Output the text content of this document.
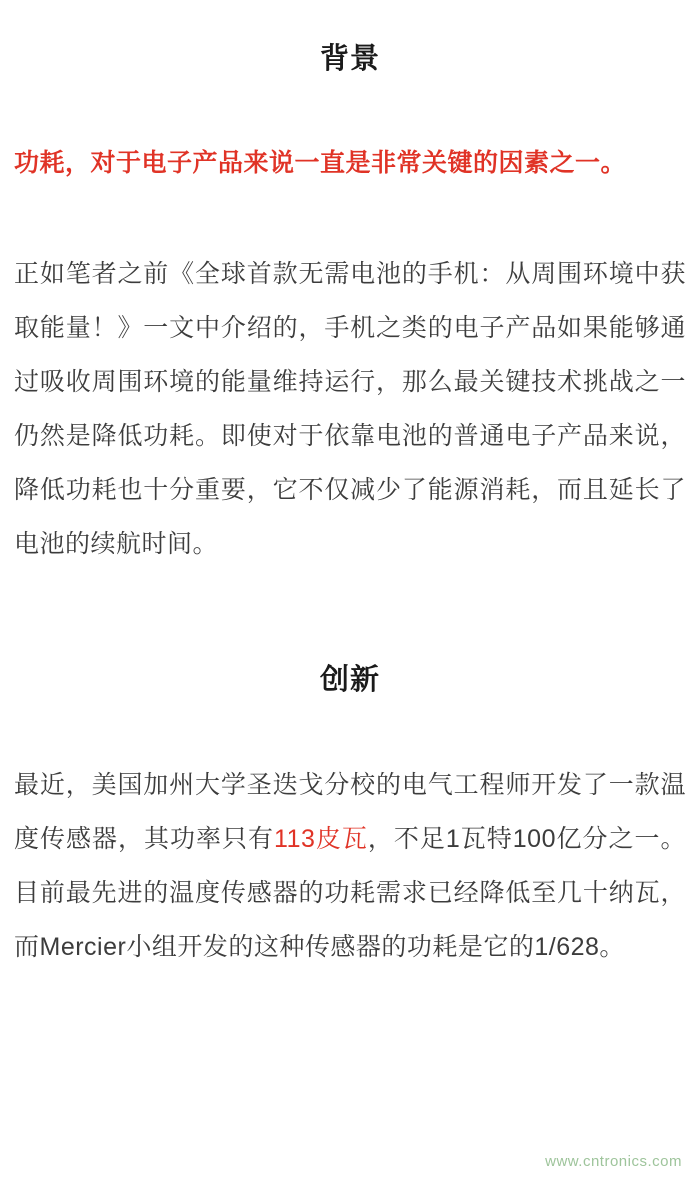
背景

功耗，对于电子产品来说一直是非常关键的因素之一。

正如笔者之前《全球首款无需电池的手机：从周围环境中获取能量！》一文中介绍的，手机之类的电子产品如果能够通过吸收周围环境的能量维持运行，那么最关键技术挑战之一仍然是降低功耗。即使对于依靠电池的普通电子产品来说，降低功耗也十分重要，它不仅减少了能源消耗，而且延长了电池的续航时间。

创新

最近，美国加州大学圣迭戈分校的电气工程师开发了一款温度传感器，其功率只有113皮瓦，不足1瓦特100亿分之一。目前最先进的温度传感器的功耗需求已经降低至几十纳瓦，而Mercier小组开发的这种传感器的功耗是它的1/628。

www.cntronics.com
